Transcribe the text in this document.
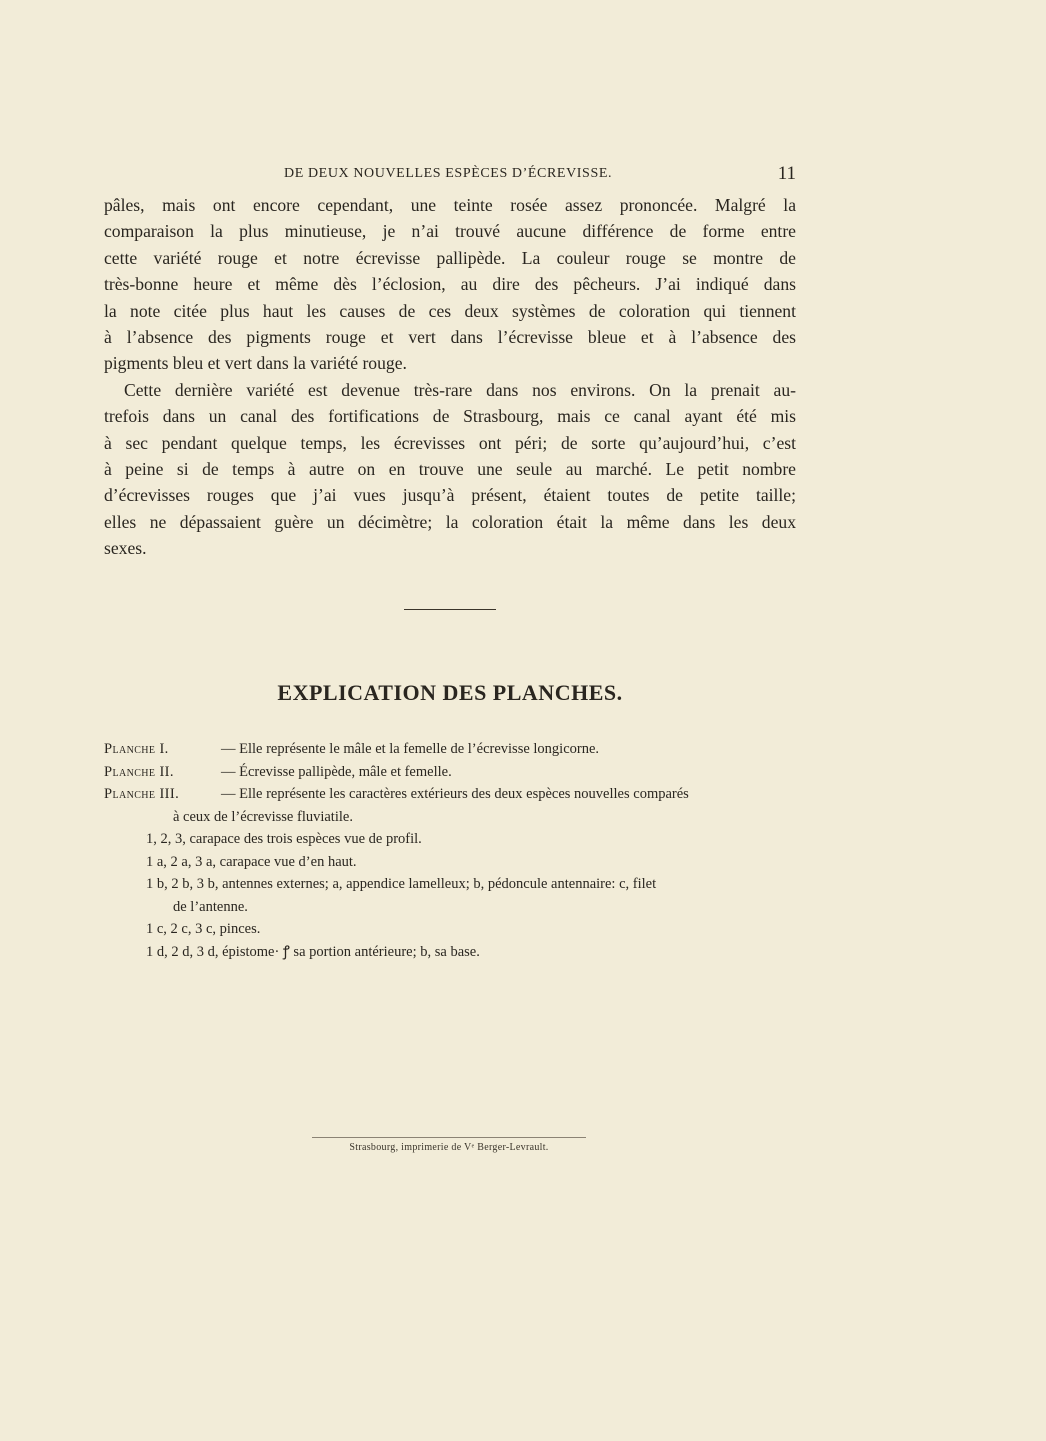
DE DEUX NOUVELLES ESPÈCES D’ÉCREVISSE.	11
pâles, mais ont encore cependant, une teinte rosée assez prononcée. Malgré la
comparaison la plus minutieuse, je n’ai trouvé aucune différence de forme entre
cette variété rouge et notre écrevisse pallipède. La couleur rouge se montre de
très-bonne heure et même dès l’éclosion, au dire des pêcheurs. J’ai indiqué dans
la note citée plus haut les causes de ces deux systèmes de coloration qui tiennent
à l’absence des pigments rouge et vert dans l’écrevisse bleue et à l’absence des
pigments bleu et vert dans la variété rouge.
Cette dernière variété est devenue très-rare dans nos environs. On la prenait au-
trefois dans un canal des fortifications de Strasbourg, mais ce canal ayant été mis
à sec pendant quelque temps, les écrevisses ont péri; de sorte qu’aujourd’hui, c’est
à peine si de temps à autre on en trouve une seule au marché. Le petit nombre
d’écrevisses rouges que j’ai vues jusqu’à présent, étaient toutes de petite taille;
elles ne dépassaient guère un décimètre; la coloration était la même dans les deux
sexes.
EXPLICATION DES PLANCHES.
Planche I.	— Elle représente le mâle et la femelle de l’écrevisse longicorne.
Planche II.	— Écrevisse pallipède, mâle et femelle.
Planche III.	— Elle représente les caractères extérieurs des deux espèces nouvelles comparés
à ceux de l’écrevisse fluviatile.
1, 2, 3, carapace des trois espèces vue de profil.
1 a, 2 a, 3 a, carapace vue d’en haut.
1 b, 2 b, 3 b, antennes externes; a, appendice lamelleux; b, pédoncule antennaire: c, filet
de l’antenne.
1 c, 2 c, 3 c, pinces.
1 d, 2 d, 3 d, épistome· ꝭ sa portion antérieure; b, sa base.
Strasbourg, imprimerie de Vᵉ Berger-Levrault.
